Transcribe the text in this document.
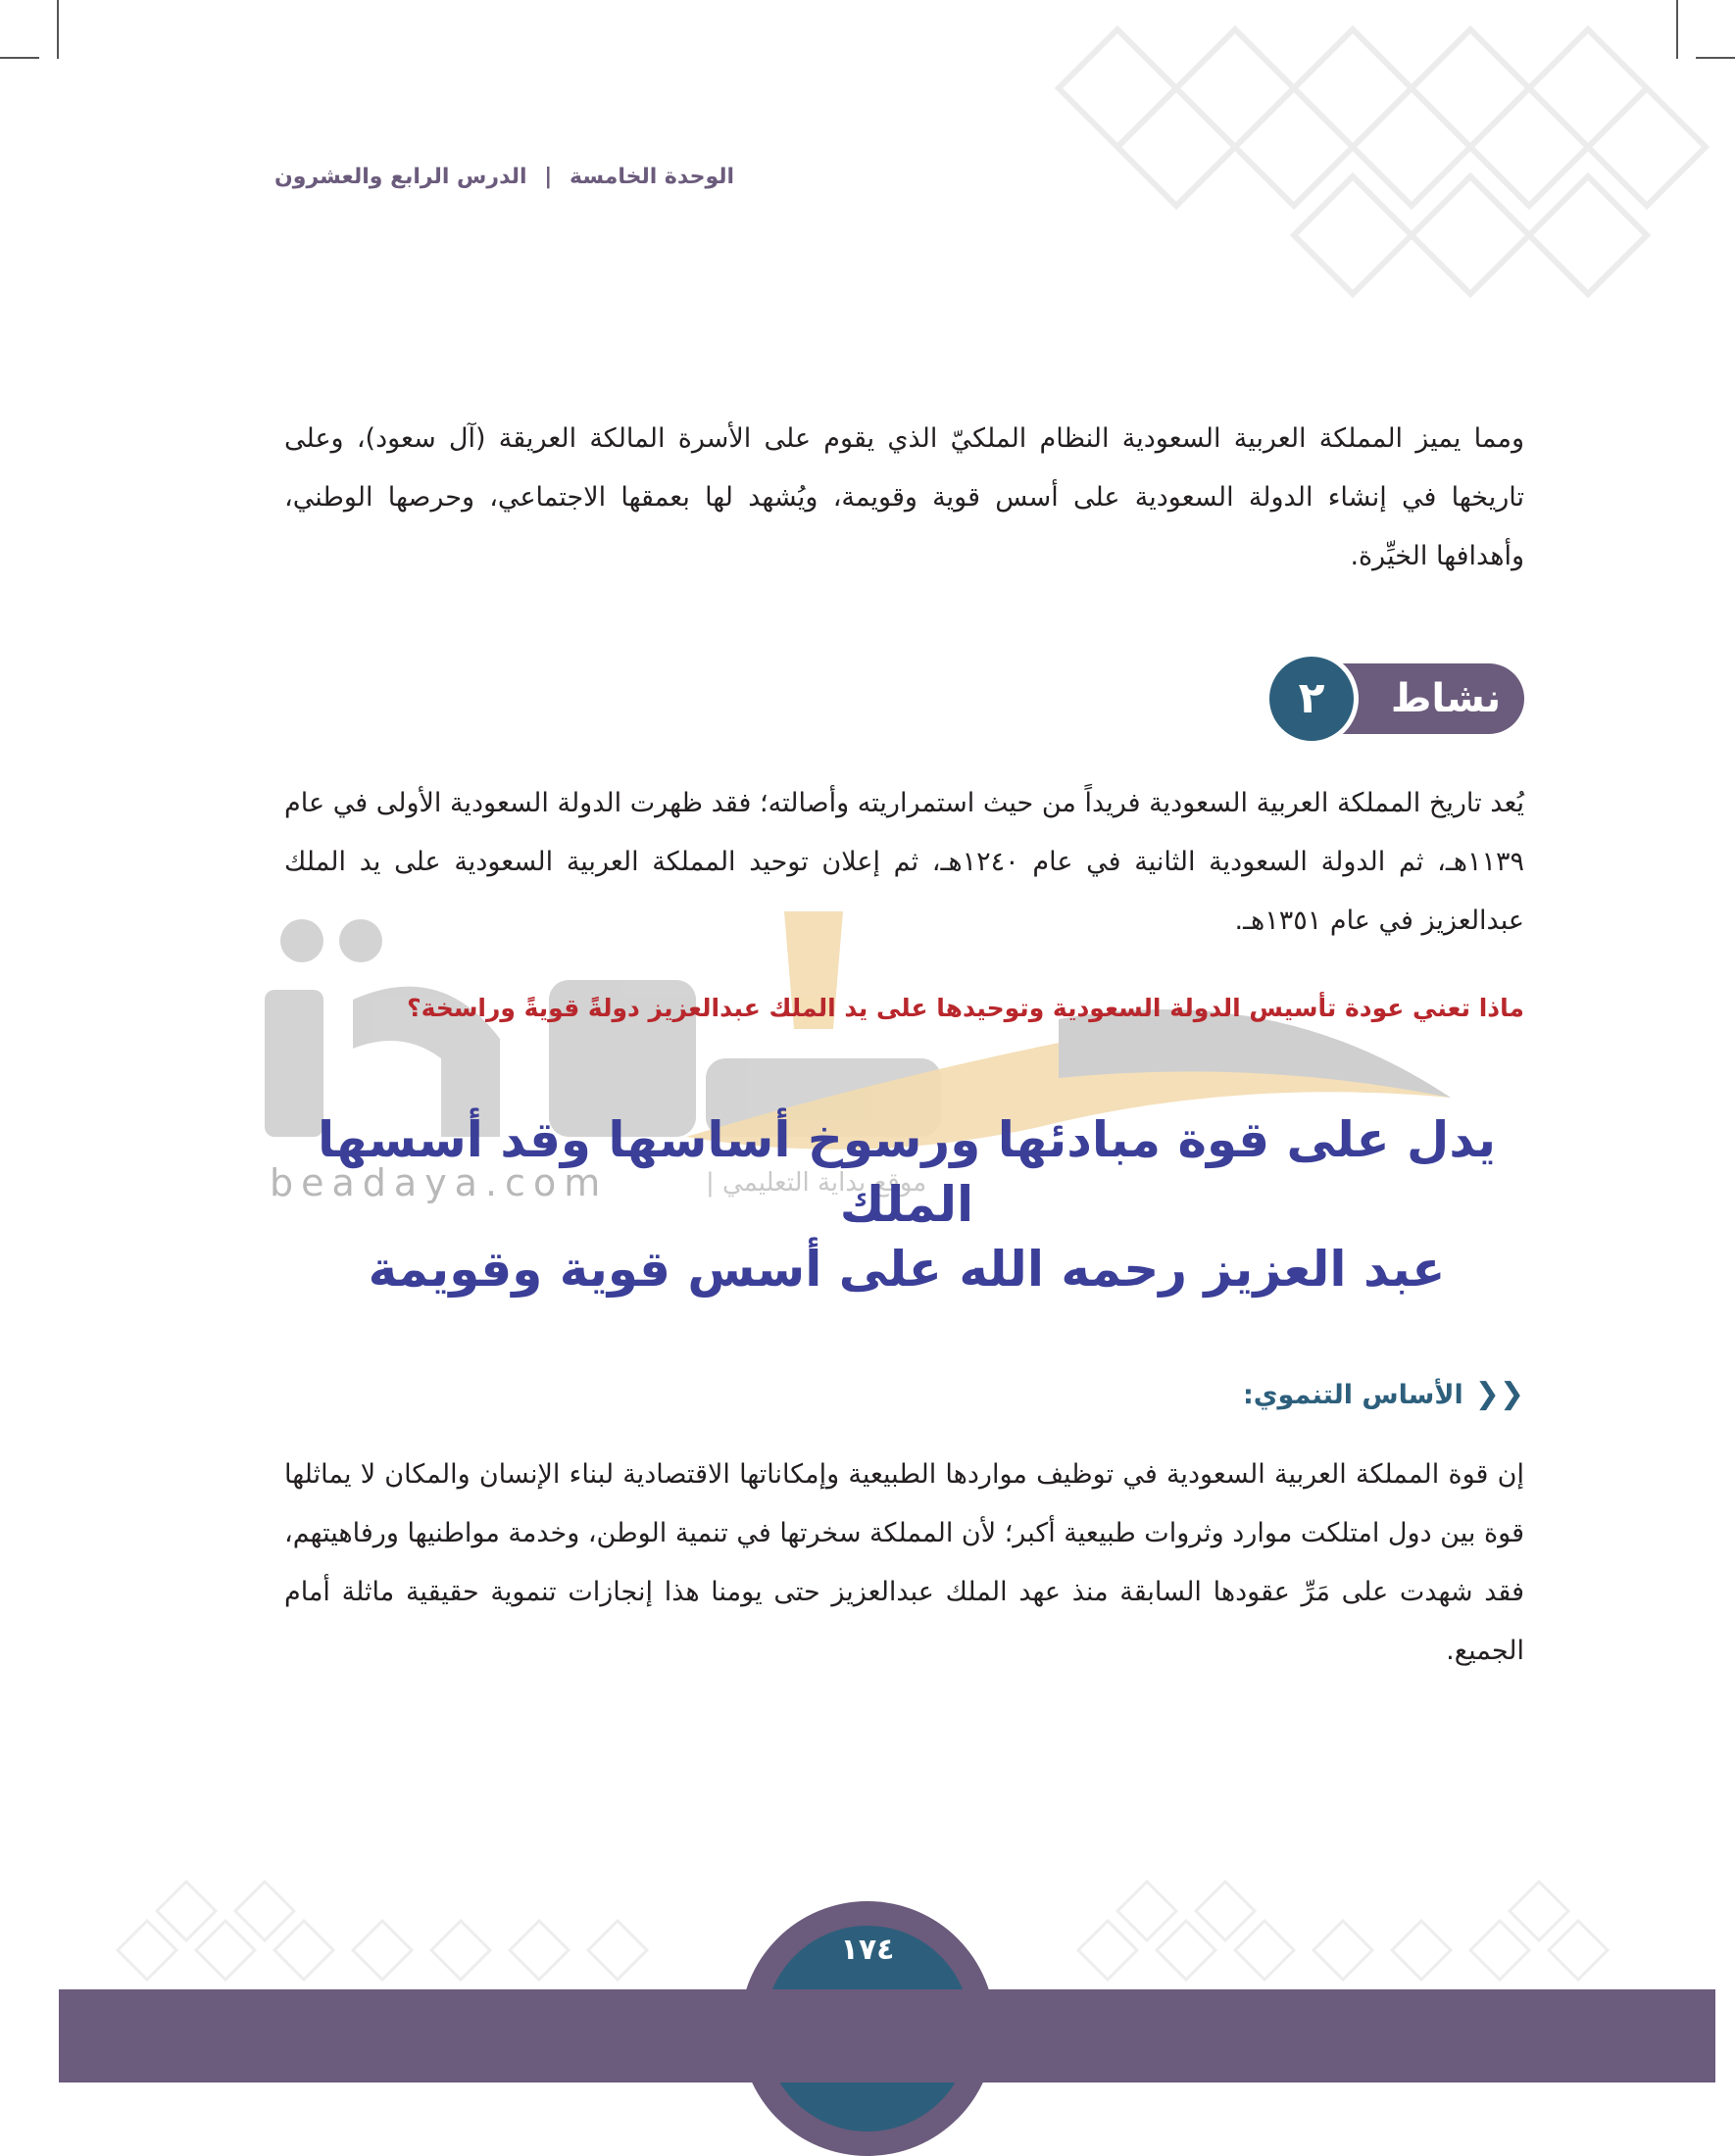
الوحدة الخامسة | الدرس الرابع والعشرون
ومما يميز المملكة العربية السعودية النظام الملكيّ الذي يقوم على الأسرة المالكة العريقة (آل سعود)، وعلى تاريخها في إنشاء الدولة السعودية على أسس قوية وقويمة، ويُشهد لها بعمقها الاجتماعي، وحرصها الوطني، وأهدافها الخيِّرة.
نشاط
٢
beadaya.com	موقع بداية التعليمي |
يُعد تاريخ المملكة العربية السعودية فريداً من حيث استمراريته وأصالته؛ فقد ظهرت الدولة السعودية الأولى في عام ١١٣٩هـ، ثم الدولة السعودية الثانية في عام ١٢٤٠هـ، ثم إعلان توحيد المملكة العربية السعودية على يد الملك عبدالعزيز في عام ١٣٥١هـ.
ماذا تعني عودة تأسيس الدولة السعودية وتوحيدها على يد الملك عبدالعزيز دولةً قويةً وراسخة؟
يدل على قوة مبادئها ورسوخ أساسها وقد أسسها الملك
عبد العزيز رحمه الله على أسس قوية وقويمة
❮❮الأساس التنموي:
إن قوة المملكة العربية السعودية في توظيف مواردها الطبيعية وإمكاناتها الاقتصادية لبناء الإنسان والمكان لا يماثلها قوة بين دول امتلكت موارد وثروات طبيعية أكبر؛ لأن المملكة سخرتها في تنمية الوطن، وخدمة مواطنيها ورفاهيتهم، فقد شهدت على مَرِّ عقودها السابقة منذ عهد الملك عبدالعزيز حتى يومنا هذا إنجازات تنموية حقيقية ماثلة أمام الجميع.
١٧٤
